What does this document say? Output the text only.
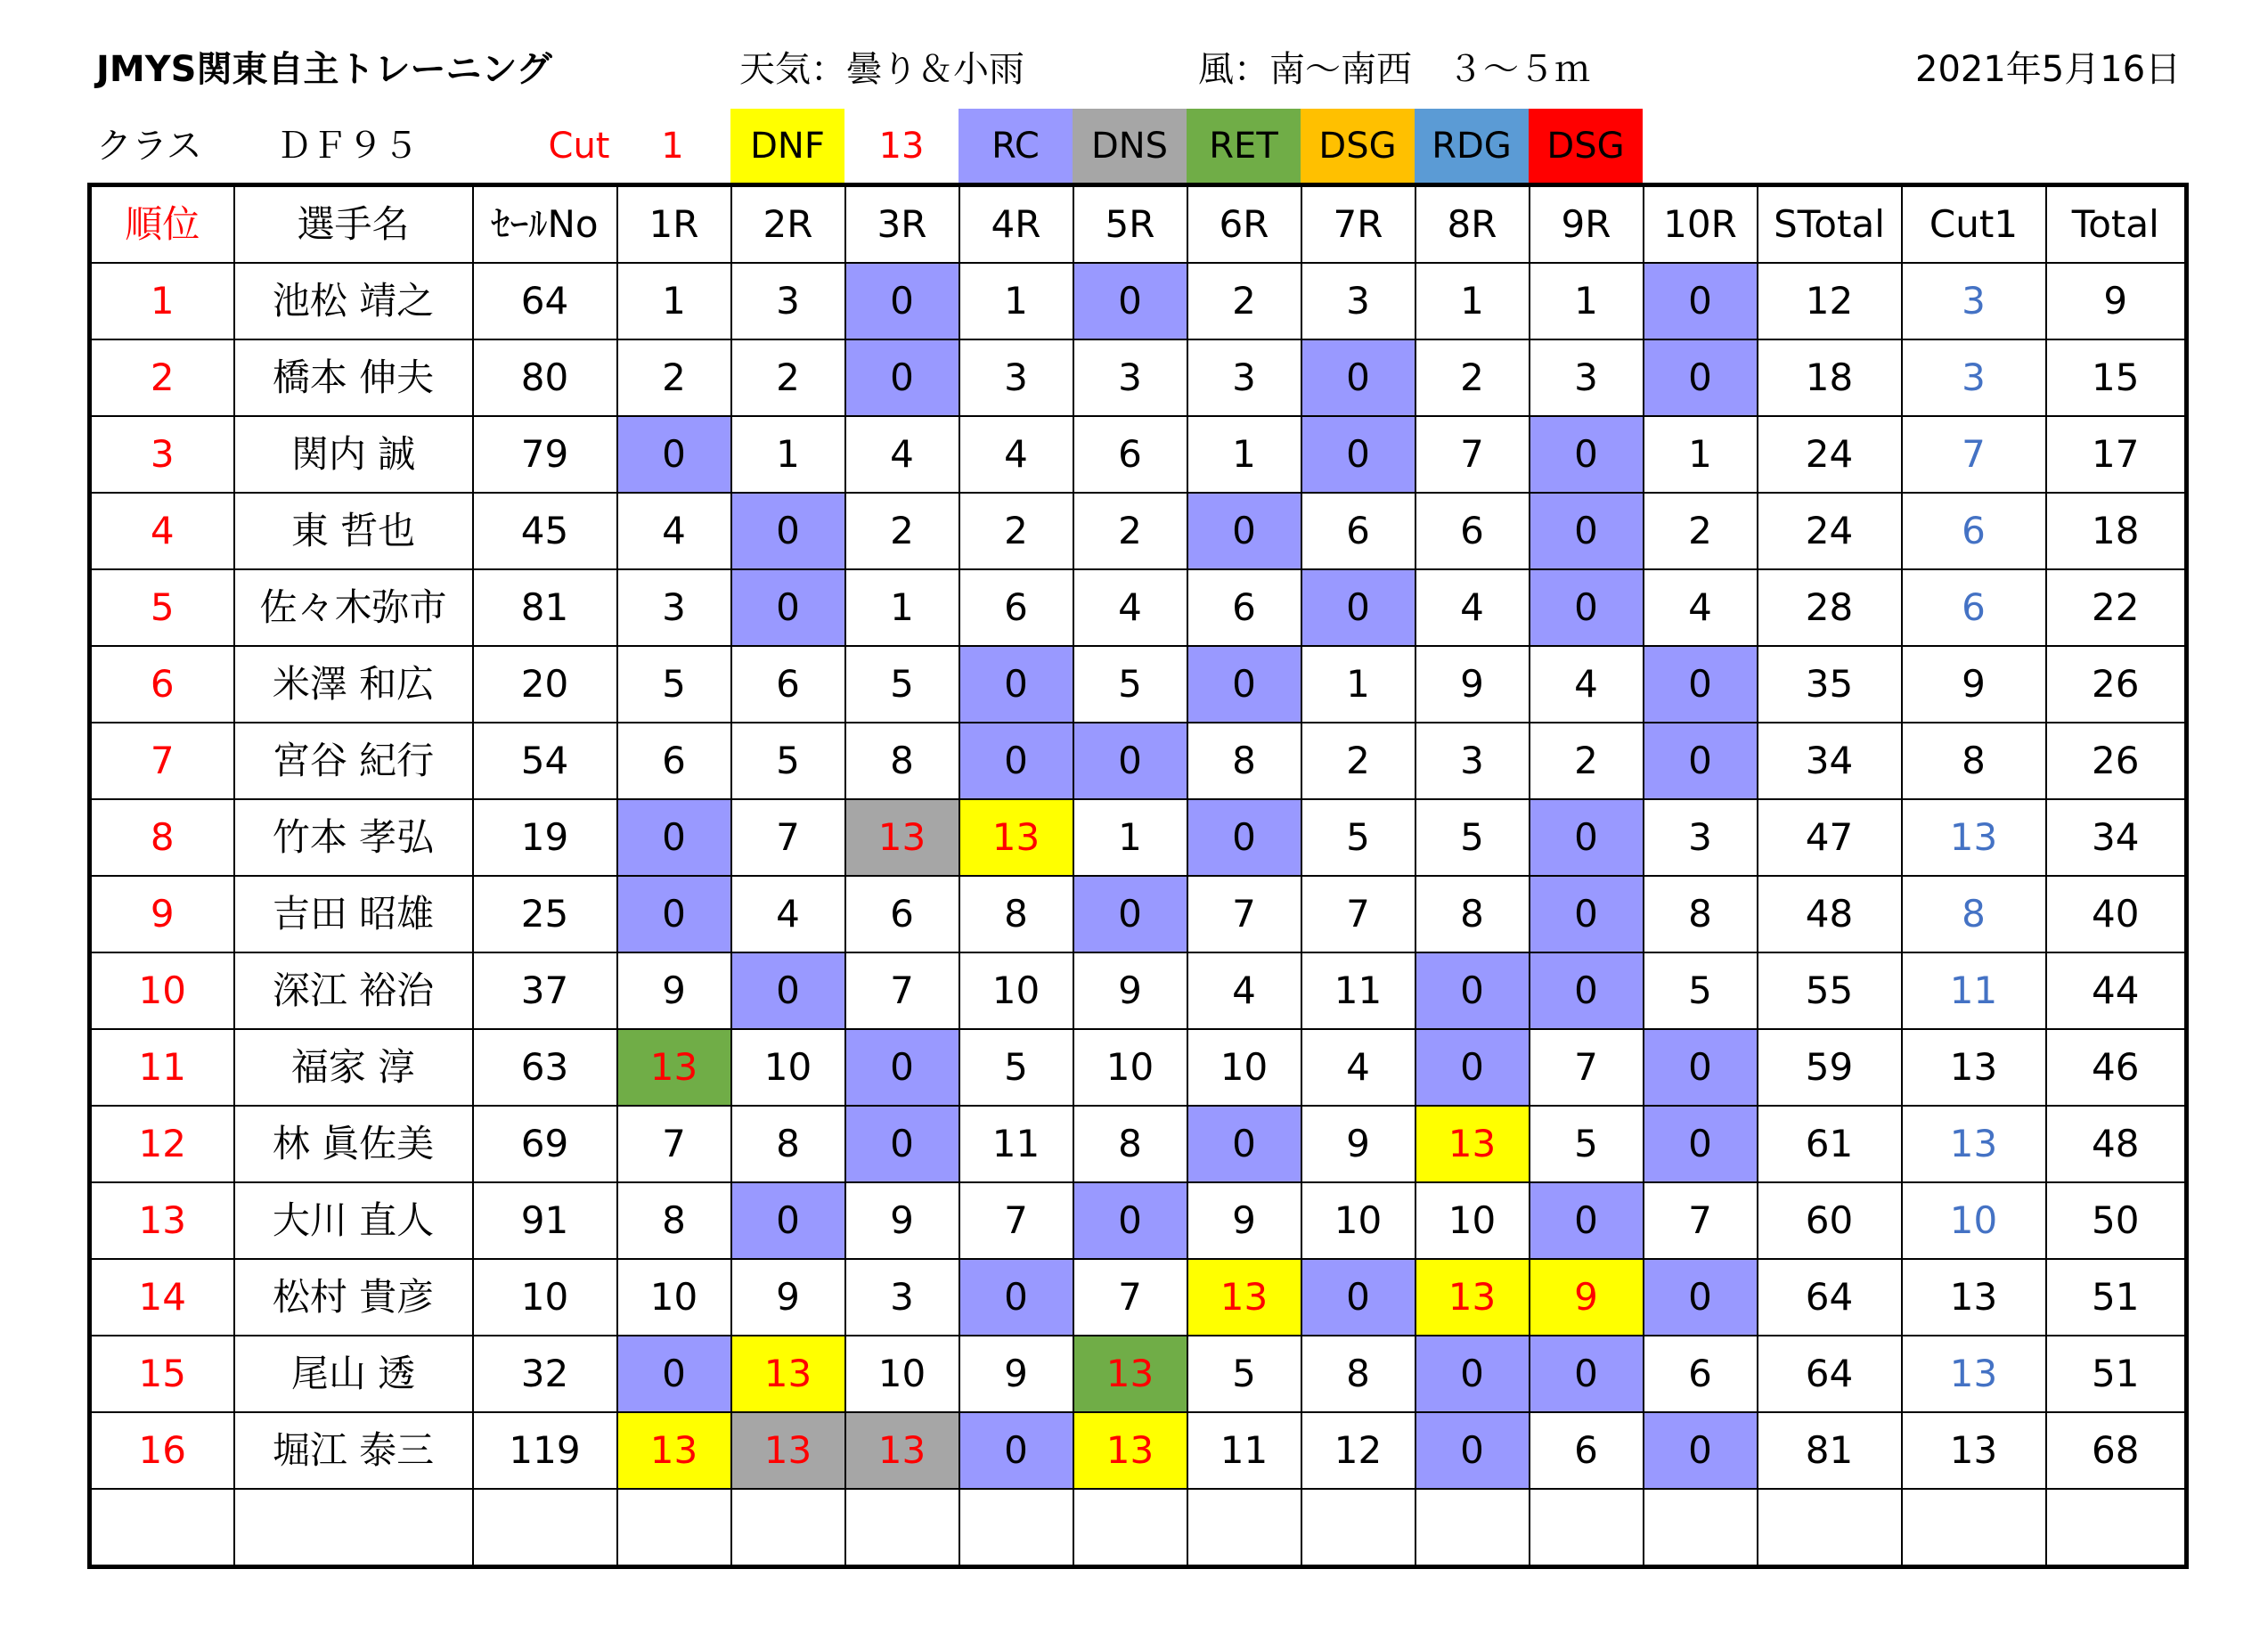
JMYS関東自主トレーニング	天気：曇り＆小雨	風：南～南西　３～５ｍ	2021年5月16日
クラス ＤＦ９５	Cut	1	DNF	13	RC	DNS	RET	DSG RDG DSG
順位	選手名	ｾｰﾙNo	1R	2R	3R	4R	5R	6R	7R	8R	9R	10R	STotal	Cut1	Total
1	池松 靖之	64	1	3	0	1	0	2	3	1	1	0	12	3	9
2	橋本 伸夫	80	2	2	0	3	3	3	0	2	3	0	18	3	15
3	関内 誠	79	0	1	4	4	6	1	0	7	0	1	24	7	17
4	東 哲也	45	4	0	2	2	2	0	6	6	0	2	24	6	18
5	佐々木弥市	81	3	0	1	6	4	6	0	4	0	4	28	6	22
6	米澤 和広	20	5	6	5	0	5	0	1	9	4	0	35	9	26
7	宮谷 紀行	54	6	5	8	0	0	8	2	3	2	0	34	8	26
8	竹本 孝弘	19	0	7	13	13	1	0	5	5	0	3	47	13	34
9	吉田 昭雄	25	0	4	6	8	0	7	7	8	0	8	48	8	40
10	深江 裕治	37	9	0	7	10	9	4	11	0	0	5	55	11	44
11	福家 淳	63	13	10	0	5	10	10	4	0	7	0	59	13	46
12	林 眞佐美	69	7	8	0	11	8	0	9	13	5	0	61	13	48
13	大川 直人	91	8	0	9	7	0	9	10	10	0	7	60	10	50
14	松村 貴彦	10	10	9	3	0	7	13	0	13	9	0	64	13	51
15	尾山 透	32	0	13	10	9	13	5	8	0	0	6	64	13	51
16	堀江 泰三	119	13	13	13	0	13	11	12	0	6	0	81	13	68
